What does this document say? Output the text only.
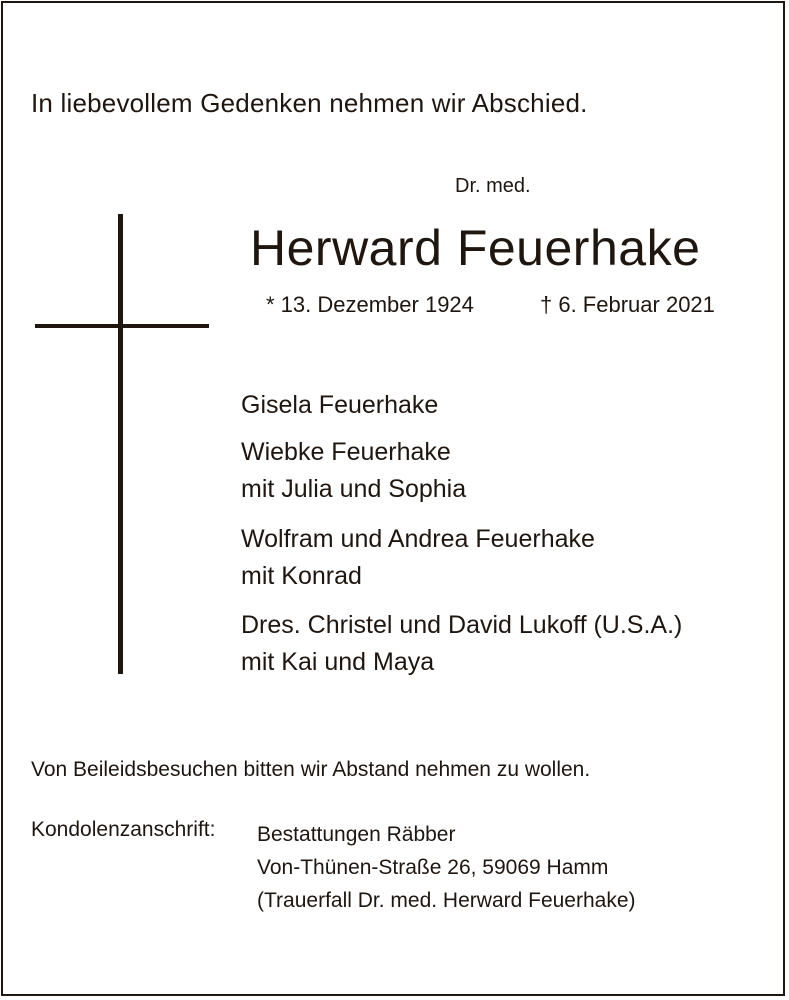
In liebevollem Gedenken nehmen wir Abschied.
Dr. med.
Herward Feuerhake
* 13. Dezember 1924	† 6. Februar 2021
Gisela Feuerhake
Wiebke Feuerhake
mit Julia und Sophia
Wolfram und Andrea Feuerhake
mit Konrad
Dres. Christel und David Lukoff (U.S.A.)
mit Kai und Maya
Von Beileidsbesuchen bitten wir Abstand nehmen zu wollen.
Kondolenzanschrift: Bestattungen Räbber
Von-Thünen-Straße 26, 59069 Hamm
(Trauerfall Dr. med. Herward Feuerhake)
